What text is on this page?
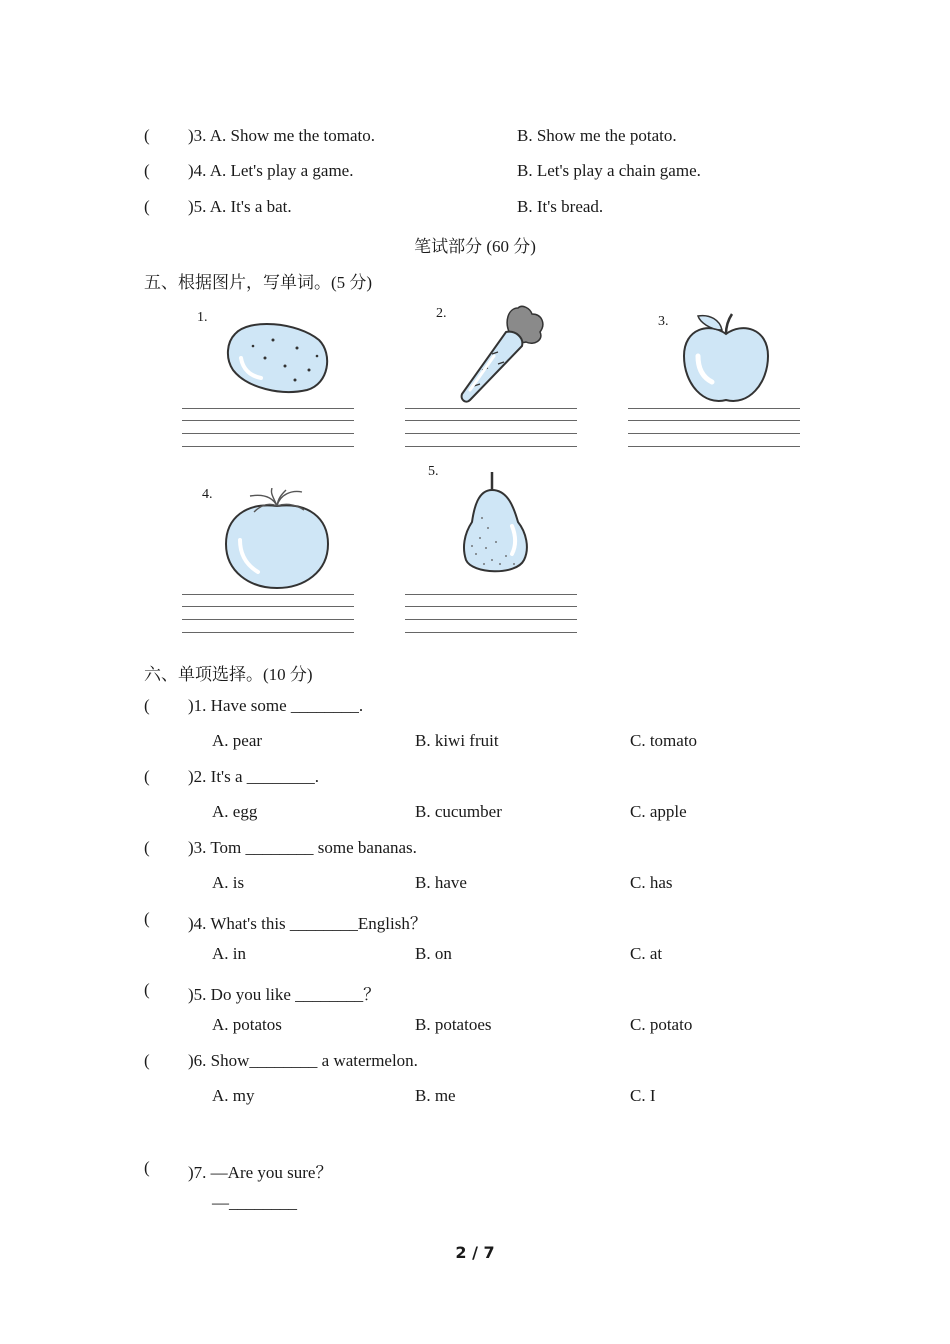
( )3. A. Show me the tomato.	B. Show me the potato.
( )4. A. Let's play a game.	B. Let's play a chain game.
( )5. A. It's a bat.	B. It's bread.
笔试部分 (60 分)
五、根据图片，写单词。(5 分)
1.	2.
3.
4.
5.
六、单项选择。(10 分)
( )1. Have some ________.
A. pear	B. kiwi fruit	C. tomato
( )2. It's a ________.
A. egg	B. cucumber	C. apple
( )3. Tom ________ some bananas.
A. is	B. have	C. has
( )4. What's this ________English？
A. in	B. on	C. at
( )5. Do you like ________？
A. potatos	B. potatoes	C. potato
( )6. Show________ a watermelon.
A. my	B. me	C. I
( )7. —Are you sure？
—________
2 / 7
